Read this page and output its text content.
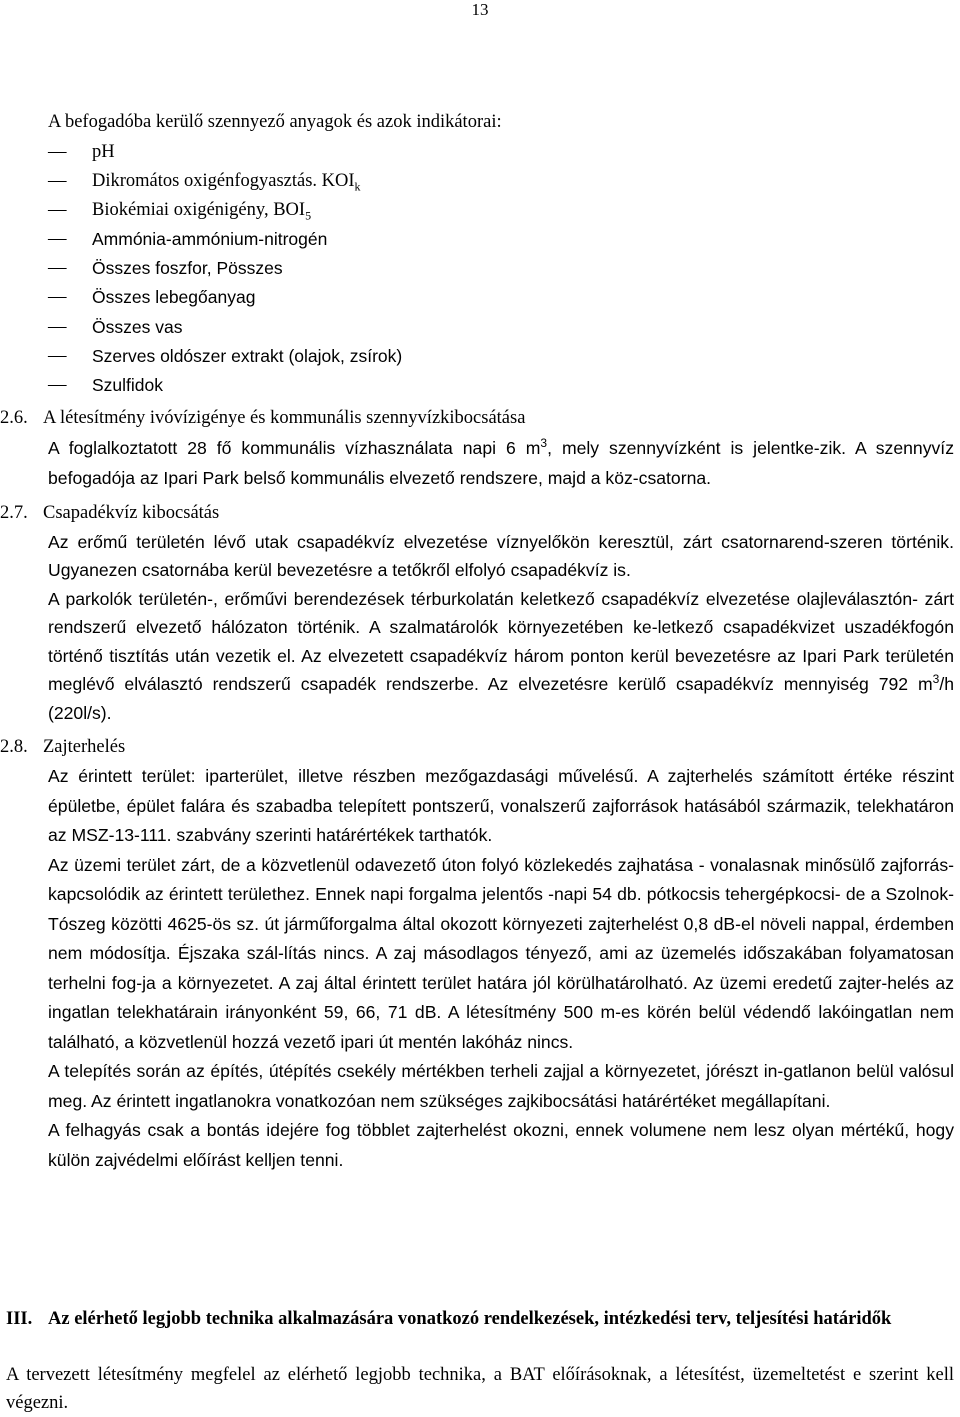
13
A befogadóba kerülő szennyező anyagok és azok indikátorai:
— pH
— Dikromátos oxigénfogyasztás. $KOI_k$
— Biokémiai oxigénigény, $BOI_5$
— Ammónia-ammónium-nitrogén
— Összes foszfor, Pösszes
— Összes lebegőanyag
— Összes vas
— Szerves oldószer extrakt (olajok, zsírok)
— Szulfidok
2.6. A létesítmény ivóvízigénye és kommunális szennyvízkibocsátása
A foglalkoztatott 28 fő kommunális vízhasználata napi 6 $m^3$, mely szennyvízként is jelentke-zik. A szennyvíz befogadója az Ipari Park belső kommunális elvezető rendszere, majd a köz-csatorna.
2.7. Csapadékvíz kibocsátás
Az erőmű területén lévő utak csapadékvíz elvezetése víznyelőkön keresztül, zárt csatornarend-szeren történik. Ugyanezen csatornába kerül bevezetésre a tetőkről elfolyó csapadékvíz is.
A parkolók területén-, erőművi berendezések térburkolatán keletkező csapadékvíz elvezetése olajleválasztón- zárt rendszerű elvezető hálózaton történik. A szalmatárolók környezetében ke-letkező csapadékvizet uszadékfogón történő tisztítás után vezetik el. Az elvezetett csapadékvíz három ponton kerül bevezetésre az Ipari Park területén meglévő elválasztó rendszerű csapadék rendszerbe. Az elvezetésre kerülő csapadékvíz mennyiség 792 $m^3/h$ (220l/s).
2.8. Zajterhelés
Az érintett terület: iparterület, illetve részben mezőgazdasági művelésű. A zajterhelés számított értéke részint épületbe, épület falára és szabadba telepített pontszerű, vonalszerű zajforrások hatásából származik, telekhatáron az MSZ-13-111. szabvány szerinti határértékek tarthatók.
Az üzemi terület zárt, de a közvetlenül odavezető úton folyó közlekedés zajhatása - vonalasnak minősülő zajforrás- kapcsolódik az érintett területhez. Ennek napi forgalma jelentős -napi 54 db. pótkocsis tehergépkocsi- de a Szolnok-Tószeg közötti 4625-ös sz. út járműforgalma által okozott környezeti zajterhelést 0,8 dB-el növeli nappal, érdemben nem módosítja. Éjszaka szál-lítás nincs. A zaj másodlagos tényező, ami az üzemelés időszakában folyamatosan terhelni fog-ja a környezetet. A zaj által érintett terület határa jól körülhatárolható. Az üzemi eredetű zajter-helés az ingatlan telekhatárain irányonként 59, 66, 71 dB. A létesítmény 500 m-es körén belül védendő lakóingatlan nem található, a közvetlenül hozzá vezető ipari út mentén lakóház nincs.
A telepítés során az építés, útépítés csekély mértékben terheli zajjal a környezetet, jórészt in-gatlanon belül valósul meg. Az érintett ingatlanokra vonatkozóan nem szükséges zajkibocsátási határértéket megállapítani.
A felhagyás csak a bontás idejére fog többlet zajterhelést okozni, ennek volumene nem lesz olyan mértékű, hogy külön zajvédelmi előírást kelljen tenni.
III. Az elérhető legjobb technika alkalmazására vonatkozó rendelkezések, intézkedési terv, teljesítési határidők
A tervezett létesítmény megfelel az elérhető legjobb technika, a BAT előírásoknak, a létesítést, üzemeltetést e szerint kell végezni.
